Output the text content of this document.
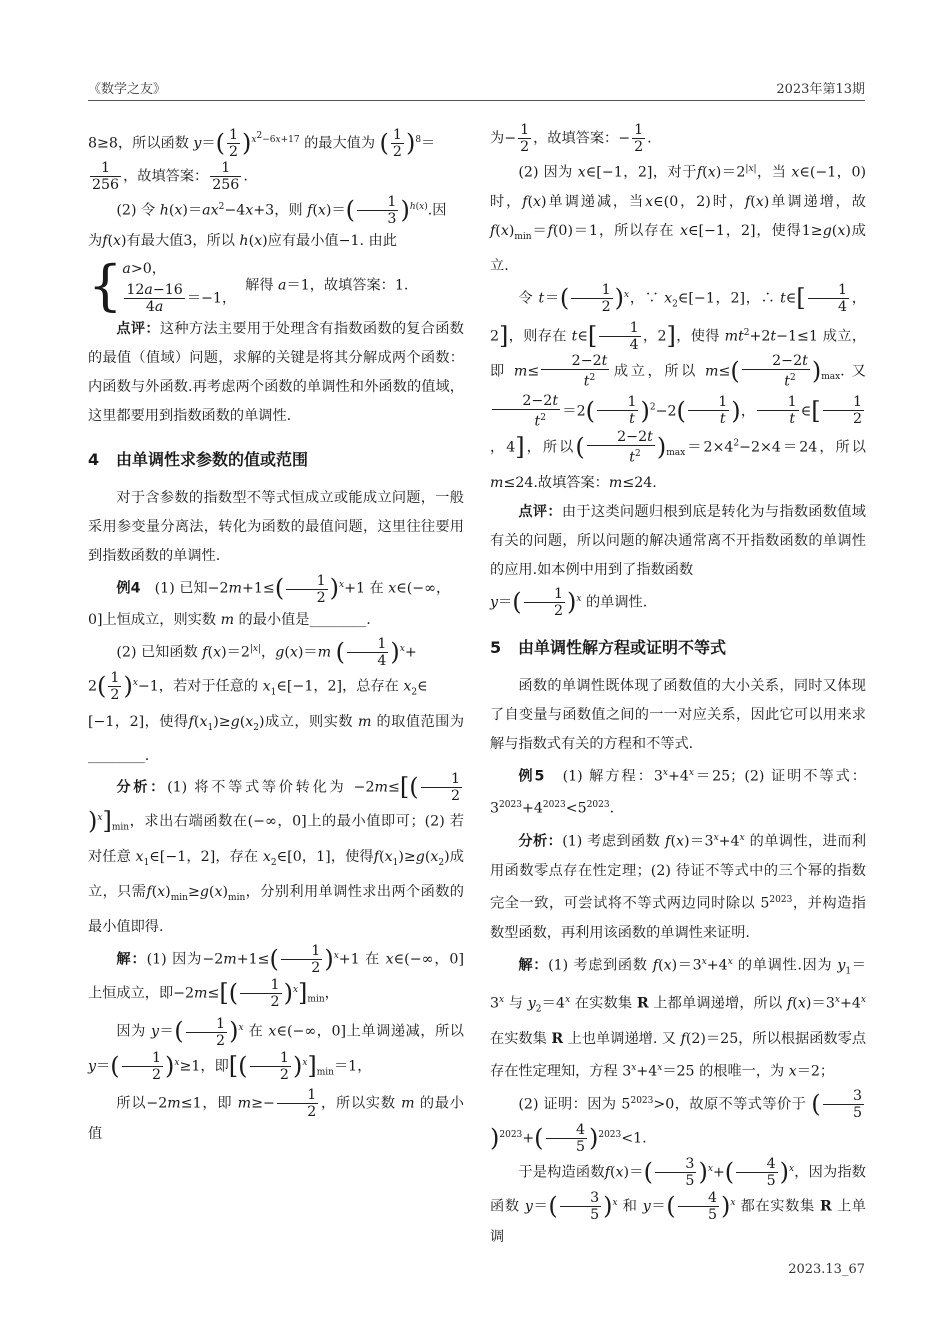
《数学之友》	2023年第13期

8≥8，所以函数 $y=( \frac{1}{2} )^{x^2-6x+17}$ 的最大值为 ( $\frac{1}{2} )^8=$

$\frac{1}{256}$ ，故填答案： $\frac{1}{256}$ .

(2) 令 $h(x)=ax^2-4x+3$，则 $f(x)=( \frac{1}{3} )^{h(x)}$.因

为f(x)有最大值3，所以 h(x)应有最小值−1. 由此

{a>0，

$\frac{12a-16}{4a} =-1$，  解得 a＝1，故填答案：1.

点评：这种方法主要用于处理含有指数函数的复合函数的最值（值域）问题，求解的关键是将其分解成两个函数：内函数与外函数.再考虑两个函数的单调性和外函数的值域，这里都要用到指数函数的单调性.

4 由单调性求参数的值或范围

对于含参数的指数型不等式恒成立或能成立问题，一般采用参变量分离法，转化为函数的最值问题，这里往往要用到指数函数的单调性.

例4　(1) 已知$-2m+1\le( \frac{1}{2} )^x+1$ 在 x∈(−∞，

0]上恒成立，则实数 m 的最小值是________.

(2) 已知函数 $f(x)=2^{|x|}$，g(x)＝m ( $\frac{1}{4} )^x+$

$2( \frac{1}{2} )^x-1$，若对于任意的 $x_1\in[-1$，2]，总存在 $x_2\in$

[−1，2]，使得$f(x_1)\ge g(x_2)$成立，则实数 m 的取值范围为________.

分析：(1) 将不等式等价转化为 $-2m\le[( \frac{1}{2}$
)$^x]_{min}$，求出右端函数在(−∞，0]上的最小值即可；(2) 若对任意 $x_1\in[-1$，2]，存在 $x_2\in[0$，1]，使得$f(x_1)\ge g(x_2)$成立，只需$f(x)_{min}\ge g(x)_{min}$，分别利用单调性求出两个函数的最小值即得.

解：(1) 因为$-2m+1\le( \frac{1}{2} )^x+1$ 在 x∈(−∞，0]上恒成立，即$-2m\le[( \frac{1}{2} )^x]_{min}$，

因为 $y=( \frac{1}{2} )^x$ 在 x∈(−∞，0]上单调递减，所以 $y=( \frac{1}{2} )^x\ge 1$，即[( $\frac{1}{2} )^x]_{min}=1$，

所以−2m≤1，即 $m\ge- \frac{1}{2}$ ，所以实数 m 的最小值

为− $\frac{1}{2}$ ，故填答案：− $\frac{1}{2}$ .

(2) 因为 x∈[−1，2]，对于$f(x)=2^{|x|}$，当 x∈(−1，0)时，f(x)单调递减，当x∈(0，2)时，f(x)单调递增，故$f(x)_{min}=f(0)=1$，所以存在 x∈[−1，2]，使得1≥g(x)成立.

令 $t=( \frac{1}{2} )^x$，∵ $x_2\in[-1$，2]，∴ t∈[ $\frac{1}{4}$ ，2]，则存在 t∈[ $\frac{1}{4}$ ，2]，使得 $mt^2+2t-1\le 1$ 成立，即 $m\le \frac{2-2t}{t^2}$ 成立，所以 $m\le( \frac{2-2t}{t^2} )_{max}$. 又
$\frac{2-2t}{t^2} =2( \frac{1}{t} )^2-2( \frac{1}{t}$ )， $\frac{1}{t}$ ∈[ $\frac{1}{2}$
，4]，所以( $\frac{2-2t}{t^2} )_{max}=2\times 4^2-2\times 4=24$，所以 m≤24.故填答案：m≤24.

点评：由于这类问题归根到底是转化为与指数函数值域有关的问题，所以问题的解决通常离不开指数函数的单调性的应用.如本例中用到了指数函数
$y=( \frac{1}{2} )^x$ 的单调性.

5 由单调性解方程或证明不等式

函数的单调性既体现了函数值的大小关系，同时又体现了自变量与函数值之间的一一对应关系，因此它可以用来求解与指数式有关的方程和不等式.

例5　(1) 解方程：$3^x+4^x=25$；(2) 证明不等式：$3^{2023}+4^{2023}<5^{2023}$.

分析：(1) 考虑到函数 $f(x)=3^x+4^x$ 的单调性，进而利用函数零点存在性定理；(2) 待证不等式中的三个幂的指数完全一致，可尝试将不等式两边同时除以 $5^{2023}$，并构造指数型函数，再利用该函数的单调性来证明.

解：(1) 考虑到函数 $f(x)=3^x+4^x$ 的单调性.因为 $y_1=3^x$ 与 $y_2=4^x$ 在实数集 R 上都单调递增，所以 $f(x)=3^x+4^x$ 在实数集 R 上也单调递增. 又 f(2)＝25，所以根据函数零点存在性定理知，方程 $3^x+4^x=25$ 的根唯一，为 x＝2；

(2) 证明：因为 $5^{2023}>0$，故原不等式等价于 ( $\frac{3}{5}$
)$^{2023}+( \frac{4}{5} )^{2023}<1$.

于是构造函数$f(x)=( \frac{3}{5} )^x+( \frac{4}{5} )^x$，因为指数函数 $y=( \frac{3}{5} )^x$ 和 $y=( \frac{4}{5} )^x$ 都在实数集 R 上单调

2023.13_67
